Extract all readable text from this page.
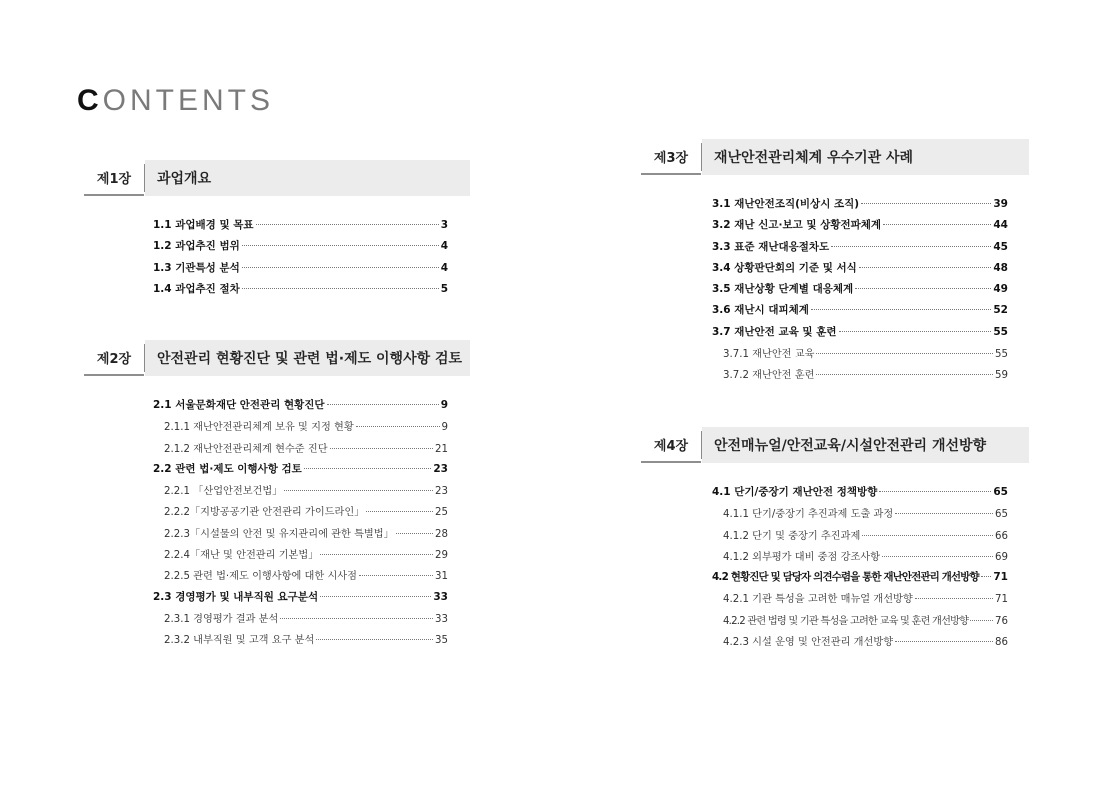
CONTENTS
제1장	과업개요
1.1 과업배경 및 목표	3
1.2 과업추진 범위	4
1.3 기관특성 분석	4
1.4 과업추진 절차	5
제2장	안전관리 현황진단 및 관련 법·제도 이행사항 검토
2.1 서울문화재단 안전관리 현황진단	9
2.1.1 재난안전관리체계 보유 및 지정 현황	9
2.1.2 재난안전관리체계 현수준 진단	21
2.2 관련 법·제도 이행사항 검토	23
2.2.1 「산업안전보건법」	23
2.2.2「지방공공기관 안전관리 가이드라인」	25
2.2.3「시설물의 안전 및 유지관리에 관한 특별법」	28
2.2.4「재난 및 안전관리 기본법」	29
2.2.5 관련 법·제도 이행사항에 대한 시사점	31
2.3 경영평가 및 내부직원 요구분석	33
2.3.1 경영평가 결과 분석	33
2.3.2 내부직원 및 고객 요구 분석	35
제3장	재난안전관리체계 우수기관 사례
3.1 재난안전조직(비상시 조직)	39
3.2 재난 신고·보고 및 상황전파체계	44
3.3 표준 재난대응절차도	45
3.4 상황판단회의 기준 및 서식	48
3.5 재난상황 단계별 대응체계	49
3.6 재난시 대피체계	52
3.7 재난안전 교육 및 훈련	55
3.7.1 재난안전 교육	55
3.7.2 재난안전 훈련	59
제4장	안전매뉴얼/안전교육/시설안전관리 개선방향
4.1 단기/중장기 재난안전 정책방향	65
4.1.1 단기/중장기 추진과제 도출 과정	65
4.1.2 단기 및 중장기 추진과제	66
4.1.2 외부평가 대비 중점 강조사항	69
4.2 현황진단 및 담당자 의견수렴을 통한 재난안전관리 개선방향 71
4.2.1 기관 특성을 고려한 매뉴얼 개선방향	71
4.2.2 관련 법령 및 기관 특성을 고려한 교육 및 훈련 개선방향	76
4.2.3 시설 운영 및 안전관리 개선방향	86
